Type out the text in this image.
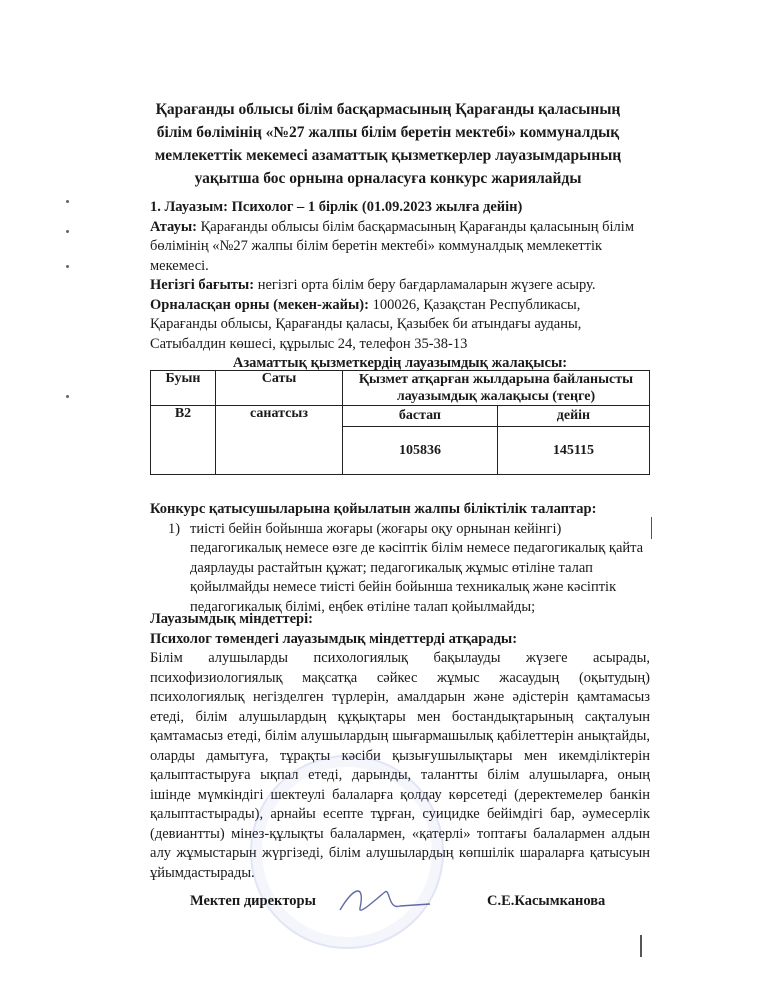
Қарағанды облысы білім басқармасының Қарағанды қаласының білім бөлімінің «№27 жалпы білім беретін мектебі» коммуналдық мемлекеттік мекемесі азаматтық қызметкерлер лауазымдарының уақытша бос орнына орналасуға конкурс жариялайды
1. Лауазым: Психолог – 1 бірлік (01.09.2023 жылға дейін)
Атауы: Қарағанды облысы білім басқармасының Қарағанды қаласының білім бөлімінің «№27 жалпы білім беретін мектебі» коммуналдық мемлекеттік мекемесі.
Негізгі бағыты: негізгі орта білім беру бағдарламаларын жүзеге асыру.
Орналасқан орны (мекен-жайы): 100026, Қазақстан Республикасы, Қарағанды облысы, Қарағанды қаласы, Қазыбек би атындағы ауданы, Сатыбалдин көшесі, құрылыс 24, телефон 35-38-13
Азаматтық қызметкердің лауазымдық жалақысы:
Буын	Саты	Қызмет атқарған жылдарына байланысты лауазымдық жалақысы (теңге)	

В2	санатсыз	бастап	дейін
		105836	145115
Конкурс қатысушыларына қойылатын жалпы біліктілік талаптар:
1) тиісті бейін бойынша жоғары (жоғары оқу орнынан кейінгі) педагогикалық немесе өзге де кәсіптік білім немесе педагогикалық қайта даярлауды растайтын құжат; педагогикалық жұмыс өтіліне талап қойылмайды немесе тиісті бейін бойынша техникалық және кәсіптік педагогикалық білімі, еңбек өтіліне талап қойылмайды;
Лауазымдық міндеттері:
Психолог төмендегі лауазымдық міндеттерді атқарады:
Білім алушыларды психологиялық бақылауды жүзеге асырады, психофизиологиялық мақсатқа сәйкес жұмыс жасаудың (оқытудың) психологиялық негізделген түрлерін, амалдарын және әдістерін қамтамасыз етеді, білім алушылардың құқықтары мен бостандықтарының сақталуын қамтамасыз етеді, білім алушылардың шығармашылық қабілеттерін анықтайды, оларды дамытуға, тұрақты кәсіби қызығушылықтары мен икемділіктерін қалыптастыруға ықпал етеді, дарынды, талантты білім алушыларға, оның ішінде мүмкіндігі шектеулі балаларға қолдау көрсетеді (деректемелер банкін қалыптастырады), арнайы есепте тұрған, суицидке бейімдігі бар, әумесерлік (девиантты) мінез-құлықты балалармен, «қатерлі» топтағы балалармен алдын алу жұмыстарын жүргізеді, білім алушылардың көпшілік шараларға қатысуын ұйымдастырады.
Мектеп директоры	С.Е.Касымканова
